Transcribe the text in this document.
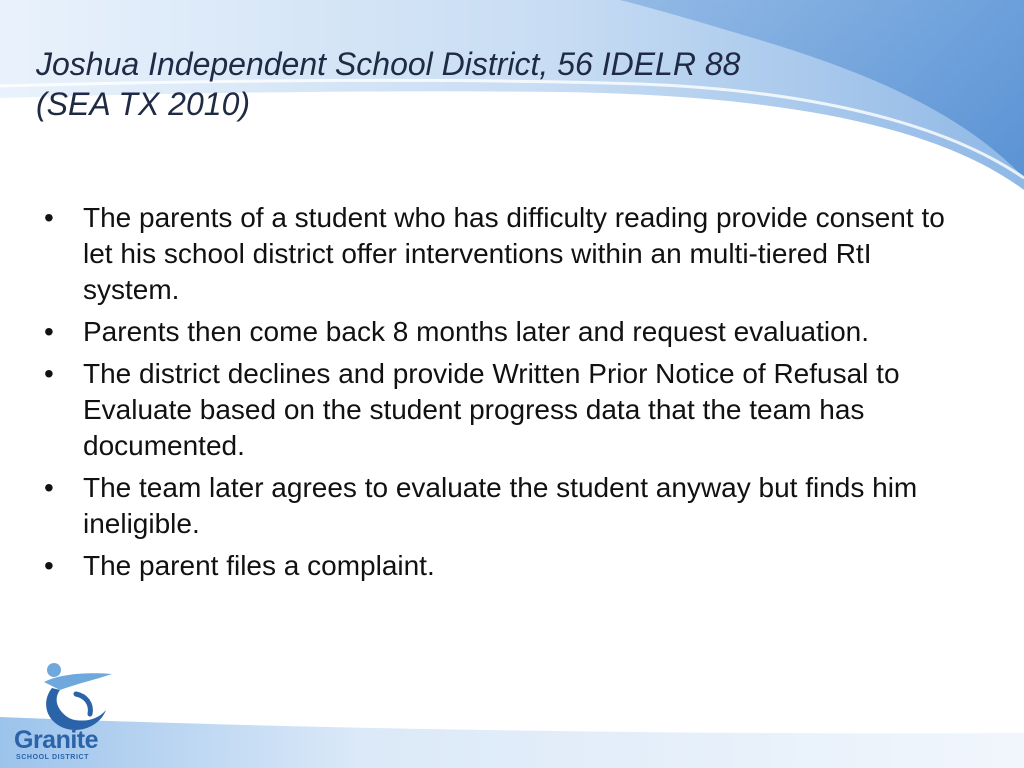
Joshua Independent School District, 56 IDELR 88
(SEA TX 2010)
• The parents of a student who has difficulty reading provide consent to let his school district offer interventions within an multi-tiered RtI system.
• Parents then come back 8 months later and request evaluation.
• The district declines and provide Written Prior Notice of Refusal to Evaluate based on the student progress data that the team has documented.
• The team later agrees to evaluate the student anyway but finds him ineligible.
• The parent files a complaint.
Granite
SCHOOL DISTRICT
